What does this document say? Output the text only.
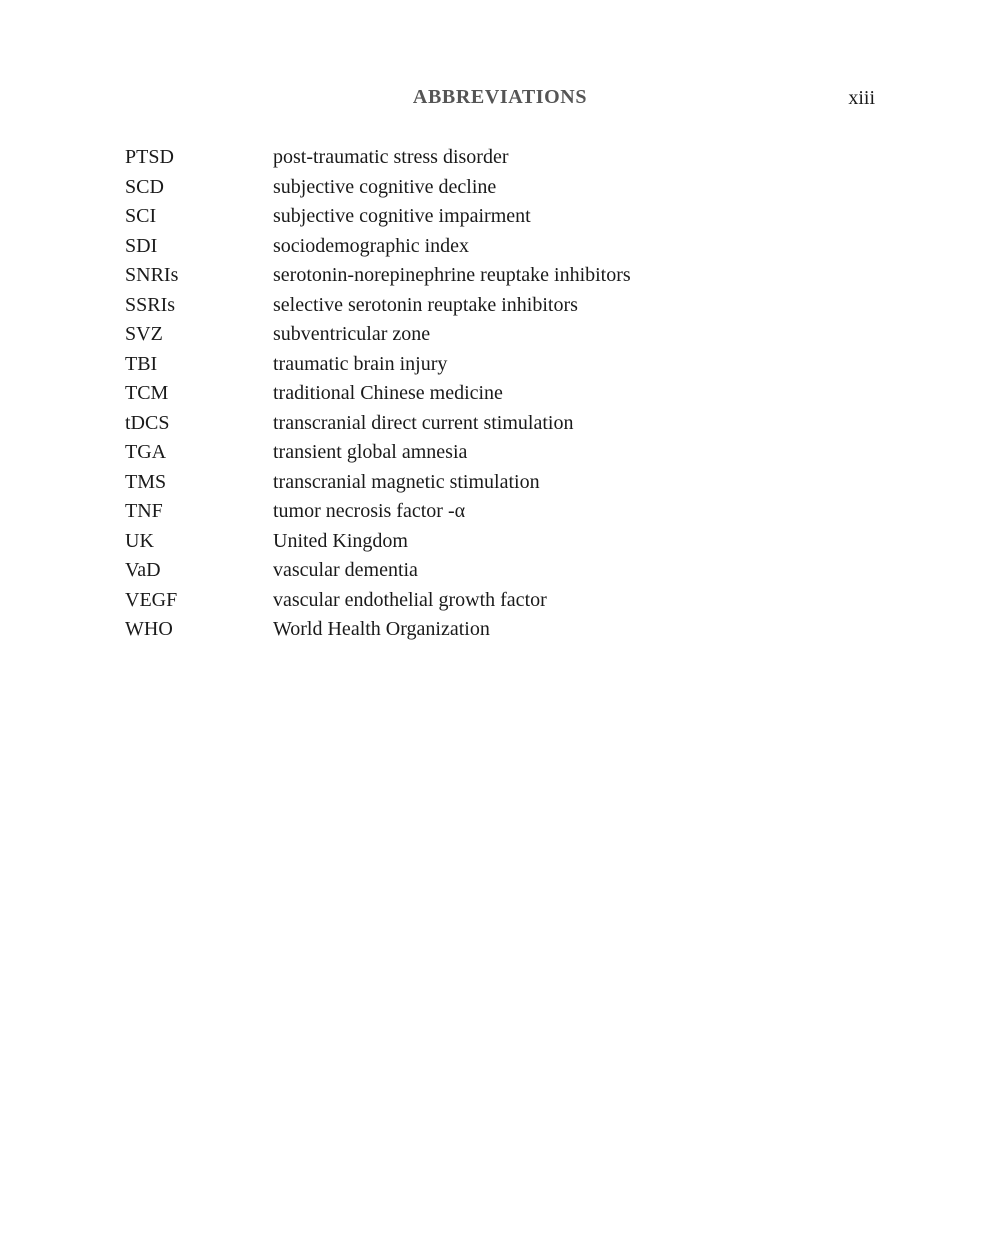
ABBREVIATIONS	xiii
PTSD	post-traumatic stress disorder
SCD	subjective cognitive decline
SCI	subjective cognitive impairment
SDI	sociodemographic index
SNRIs	serotonin-norepinephrine reuptake inhibitors
SSRIs	selective serotonin reuptake inhibitors
SVZ	subventricular zone
TBI	traumatic brain injury
TCM	traditional Chinese medicine
tDCS	transcranial direct current stimulation
TGA	transient global amnesia
TMS	transcranial magnetic stimulation
TNF	tumor necrosis factor -α
UK	United Kingdom
VaD	vascular dementia
VEGF	vascular endothelial growth factor
WHO	World Health Organization
